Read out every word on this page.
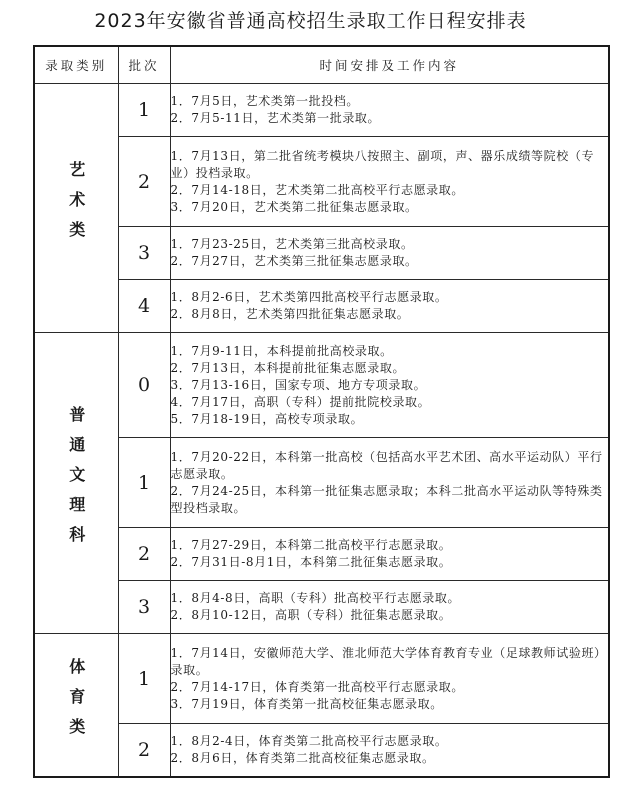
2023年安徽省普通高校招生录取工作日程安排表
录取类别	批次	时间安排及工作内容
艺术类	1	1．7月5日，艺术类第一批投档。
2．7月5-11日，艺术类第一批录取。

	2	1．7月13日，第二批省统考模块八按照主、副项，声、器乐成绩等院校（专业）投档录取。
2．7月14-18日，艺术类第二批高校平行志愿录取。
3．7月20日，艺术类第二批征集志愿录取。

	3	1．7月23-25日，艺术类第三批高校录取。
2．7月27日，艺术类第三批征集志愿录取。

	4	1．8月2-6日，艺术类第四批高校平行志愿录取。
2．8月8日，艺术类第四批征集志愿录取。

普通文理科	0	1．7月9-11日，本科提前批高校录取。
2．7月13日，本科提前批征集志愿录取。
3．7月13-16日，国家专项、地方专项录取。
4．7月17日，高职（专科）提前批院校录取。
5．7月18-19日，高校专项录取。

	1	1．7月20-22日，本科第一批高校（包括高水平艺术团、高水平运动队）平行志愿录取。
2．7月24-25日，本科第一批征集志愿录取；本科二批高水平运动队等特殊类型投档录取。

	2	1．7月27-29日，本科第二批高校平行志愿录取。
2．7月31日-8月1日，本科第二批征集志愿录取。

	3	1．8月4-8日，高职（专科）批高校平行志愿录取。
2．8月10-12日，高职（专科）批征集志愿录取。

体育类	1	1．7月14日，安徽师范大学、淮北师范大学体育教育专业（足球教师试验班）录取。
2．7月14-17日，体育类第一批高校平行志愿录取。
3．7月19日，体育类第一批高校征集志愿录取。

	2	1．8月2-4日，体育类第二批高校平行志愿录取。
2．8月6日，体育类第二批高校征集志愿录取。
